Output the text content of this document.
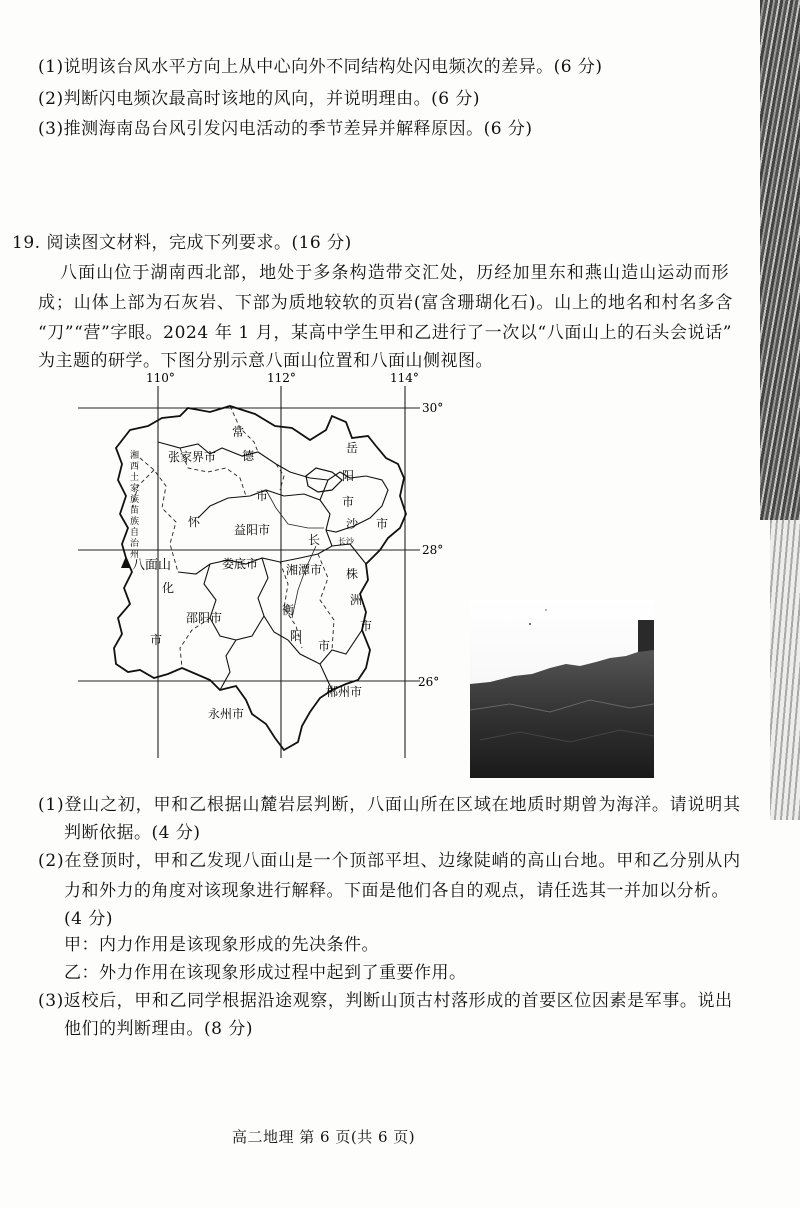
(1)说明该台风水平方向上从中心向外不同结构处闪电频次的差异。(6 分)
(2)判断闪电频次最高时该地的风向，并说明理由。(6 分)
(3)推测海南岛台风引发闪电活动的季节差异并解释原因。(6 分)
19. 阅读图文材料，完成下列要求。(16 分)
八面山位于湖南西北部，地处于多条构造带交汇处，历经加里东和燕山造山运动而形
成；山体上部为石灰岩、下部为质地较软的页岩(富含珊瑚化石)。山上的地名和村名多含
“刀”“营”字眼。2024 年 1 月，某高中学生甲和乙进行了一次以“八面山上的石头会说话”
为主题的研学。下图分别示意八面山位置和八面山侧视图。
110°	112°	114°
30°
28°
26°
湘
西
土
家
族
苗
族
自
治
州
张家界市
常
德
市
岳
阳
市
怀
化
市
益阳市	沙 市
长 长沙
娄底市 湘潭市 株
洲
市
邵阳市
衡
阳
市
永州市
郴州市
八面山
(1)登山之初，甲和乙根据山麓岩层判断，八面山所在区域在地质时期曾为海洋。请说明其
判断依据。(4 分)
(2)在登顶时，甲和乙发现八面山是一个顶部平坦、边缘陡峭的高山台地。甲和乙分别从内
力和外力的角度对该现象进行解释。下面是他们各自的观点，请任选其一并加以分析。
(4 分)
甲：内力作用是该现象形成的先决条件。
乙：外力作用在该现象形成过程中起到了重要作用。
(3)返校后，甲和乙同学根据沿途观察，判断山顶古村落形成的首要区位因素是军事。说出
他们的判断理由。(8 分)
高二地理 第 6 页(共 6 页)
